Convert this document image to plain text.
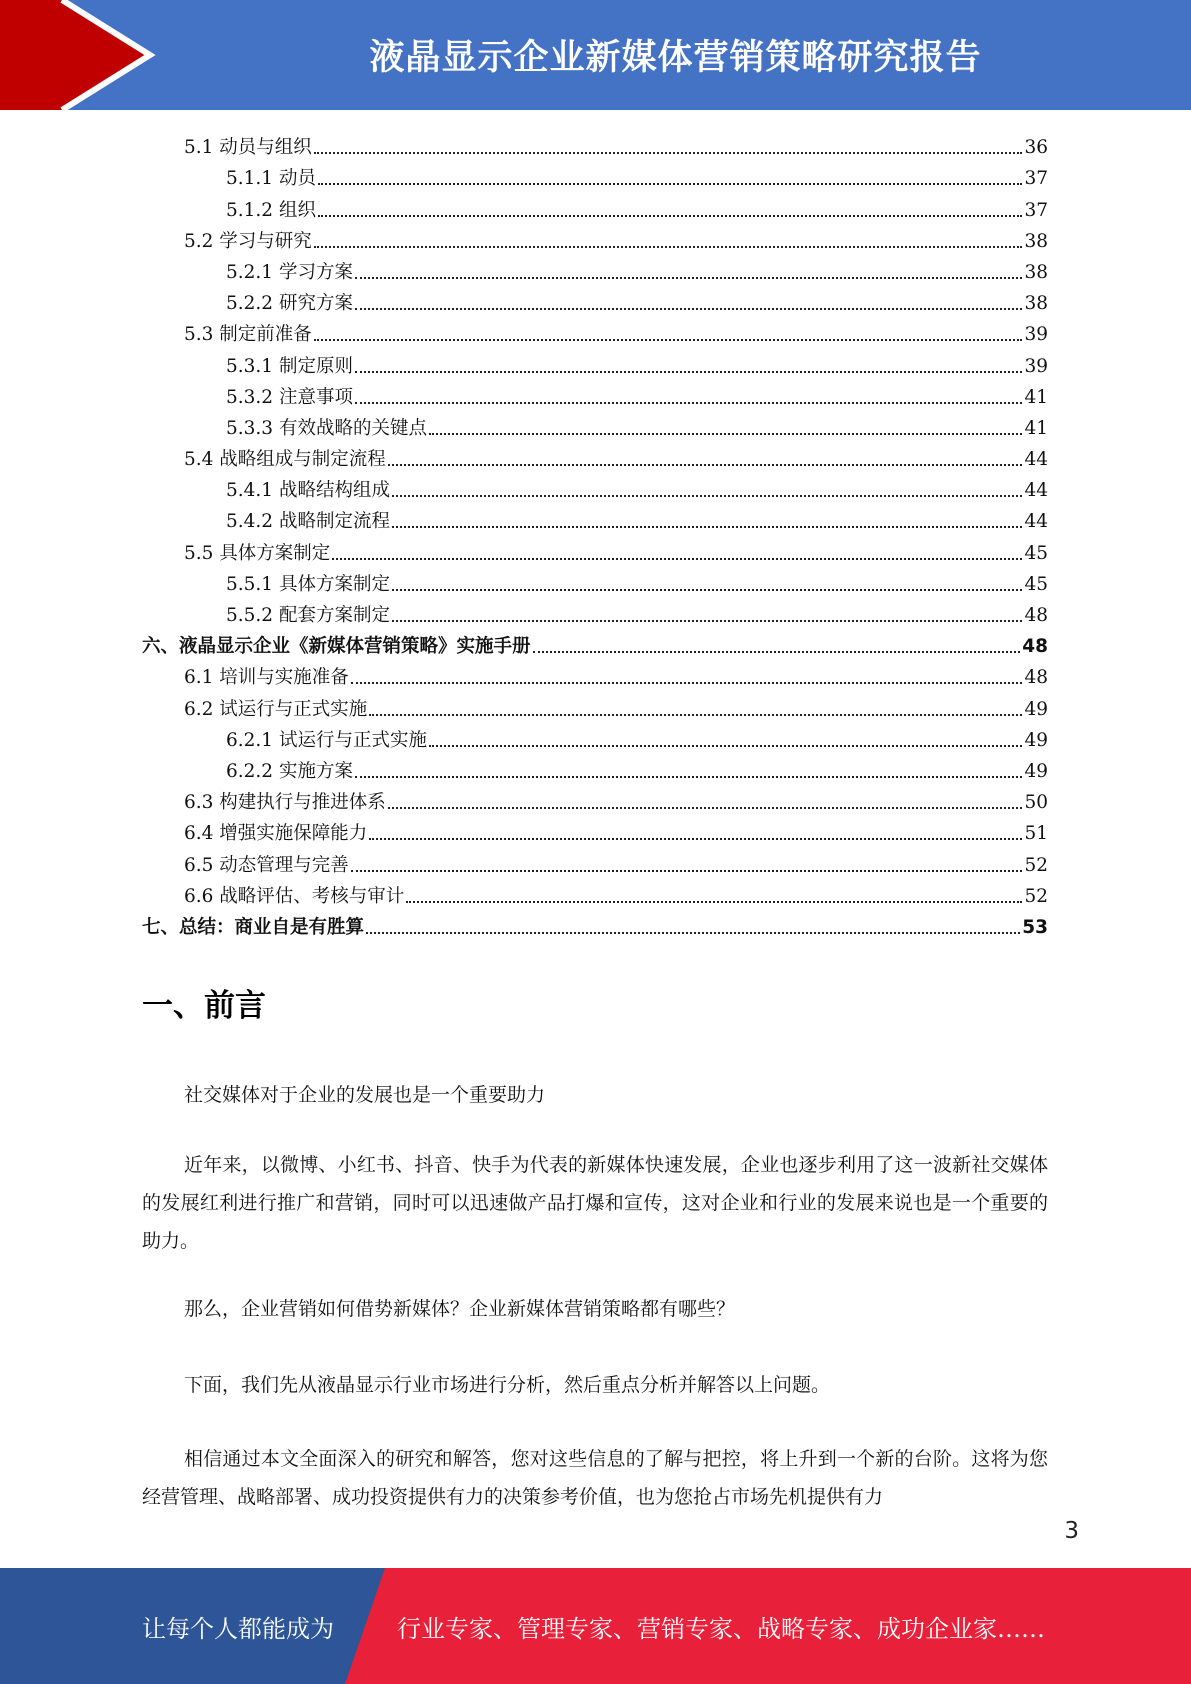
液晶显示企业新媒体营销策略研究报告
5.1 动员与组织	36
5.1.1 动员	37
5.1.2 组织	37
5.2 学习与研究	38
5.2.1 学习方案	38
5.2.2 研究方案	38
5.3 制定前准备	39
5.3.1 制定原则	39
5.3.2 注意事项	41
5.3.3 有效战略的关键点	41
5.4 战略组成与制定流程	44
5.4.1 战略结构组成	44
5.4.2 战略制定流程	44
5.5 具体方案制定	45
5.5.1 具体方案制定	45
5.5.2 配套方案制定	48
六、液晶显示企业《新媒体营销策略》实施手册	48
6.1 培训与实施准备	48
6.2 试运行与正式实施	49
6.2.1 试运行与正式实施	49
6.2.2 实施方案	49
6.3 构建执行与推进体系	50
6.4 增强实施保障能力	51
6.5 动态管理与完善	52
6.6 战略评估、考核与审计	52
七、总结：商业自是有胜算	53
一、前言

社交媒体对于企业的发展也是一个重要助力

近年来，以微博、小红书、抖音、快手为代表的新媒体快速发展，企业也逐步利用了这一波新社交媒体的发展红利进行推广和营销，同时可以迅速做产品打爆和宣传，这对企业和行业的发展来说也是一个重要的助力。

那么，企业营销如何借势新媒体？企业新媒体营销策略都有哪些？

下面，我们先从液晶显示行业市场进行分析，然后重点分析并解答以上问题。

相信通过本文全面深入的研究和解答，您对这些信息的了解与把控，将上升到一个新的台阶。这将为您经营管理、战略部署、成功投资提供有力的决策参考价值，也为您抢占市场先机提供有力

3
让每个人都能成为	行业专家、管理专家、营销专家、战略专家、成功企业家……
